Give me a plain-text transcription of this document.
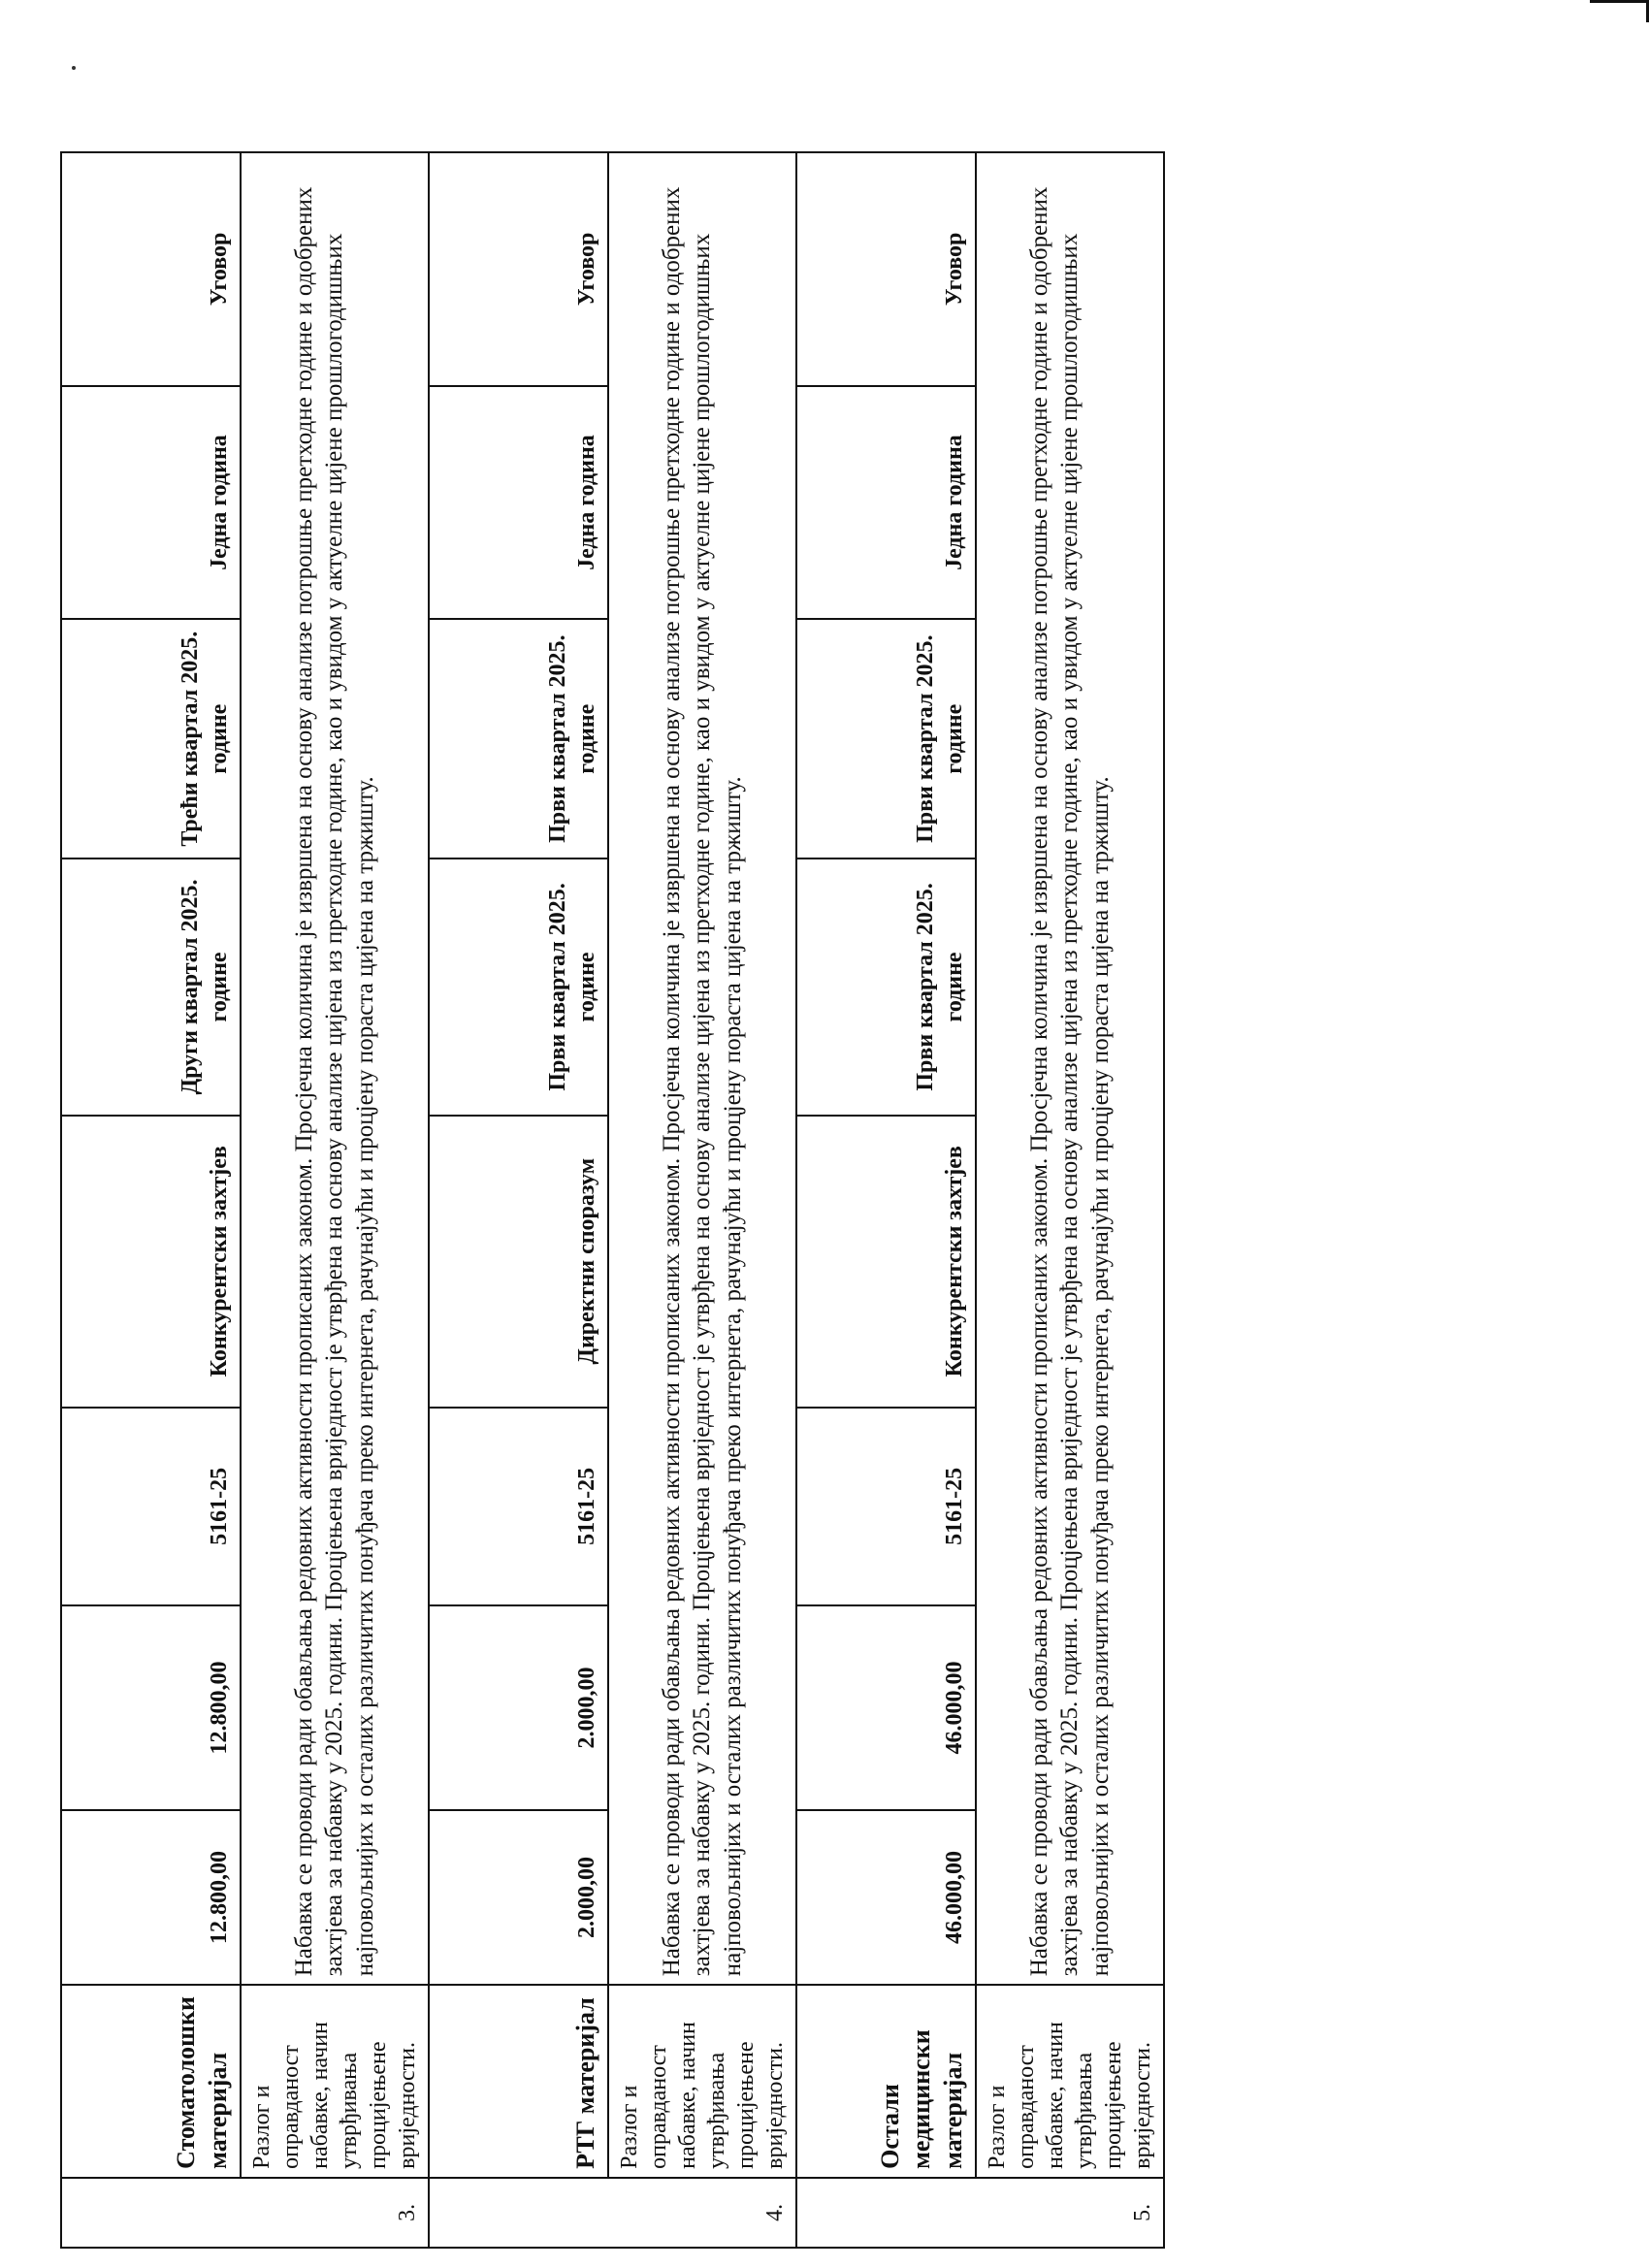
3.	Стоматолошки материјал	12.800,00	12.800,00	5161-25	Конкурентски захтјев	Други квартал 2025. године	Трећи квартал 2025. године	Једна година	Уговор
	Разлог и оправданост набавке, начин утврђивања процијењене вриједности.	Набавка се проводи ради обављања редовних активности прописаних законом. Просјечна количина је извршена на основу анализе потрошње претходне године и одобрених захтјева за набавку у 2025. години. Процјењена вриједност је утврђена на основу анализе цијена из претходне године, као и увидом у актуелне цијене прошлогодишњих најповољнијих и осталих различитих понуђача преко интернета, рачунајући и процјену пораста цијена на тржишту.							
4.	РТГ материјал	2.000,00	2.000,00	5161-25	Директни споразум	Први квартал 2025. године	Први квартал 2025. године	Једна година	Уговор
	Разлог и оправданост набавке, начин утврђивања процијењене вриједности.	Набавка се проводи ради обављања редовних активности прописаних законом. Просјечна количина је извршена на основу анализе потрошње претходне године и одобрених захтјева за набавку у 2025. години. Процјењена вриједност је утврђена на основу анализе цијена из претходне године, као и увидом у актуелне цијене прошлогодишњих најповољнијих и осталих различитих понуђача преко интернета, рачунајући и процјену пораста цијена на тржишту.							
5.	Остали медицински материјал	46.000,00	46.000,00	5161-25	Конкурентски захтјев	Први квартал 2025. године	Први квартал 2025. године	Једна година	Уговор
	Разлог и оправданост набавке, начин утврђивања процијењене вриједности.	Набавка се проводи ради обављања редовних активности прописаних законом. Просјечна количина је извршена на основу анализе потрошње претходне године и одобрених захтјева за набавку у 2025. години. Процјењена вриједност је утврђена на основу анализе цијена из претходне године, као и увидом у актуелне цијене прошлогодишњих најповољнијих и осталих различитих понуђача преко интернета, рачунајући и процјену пораста цијена на тржишту.							
